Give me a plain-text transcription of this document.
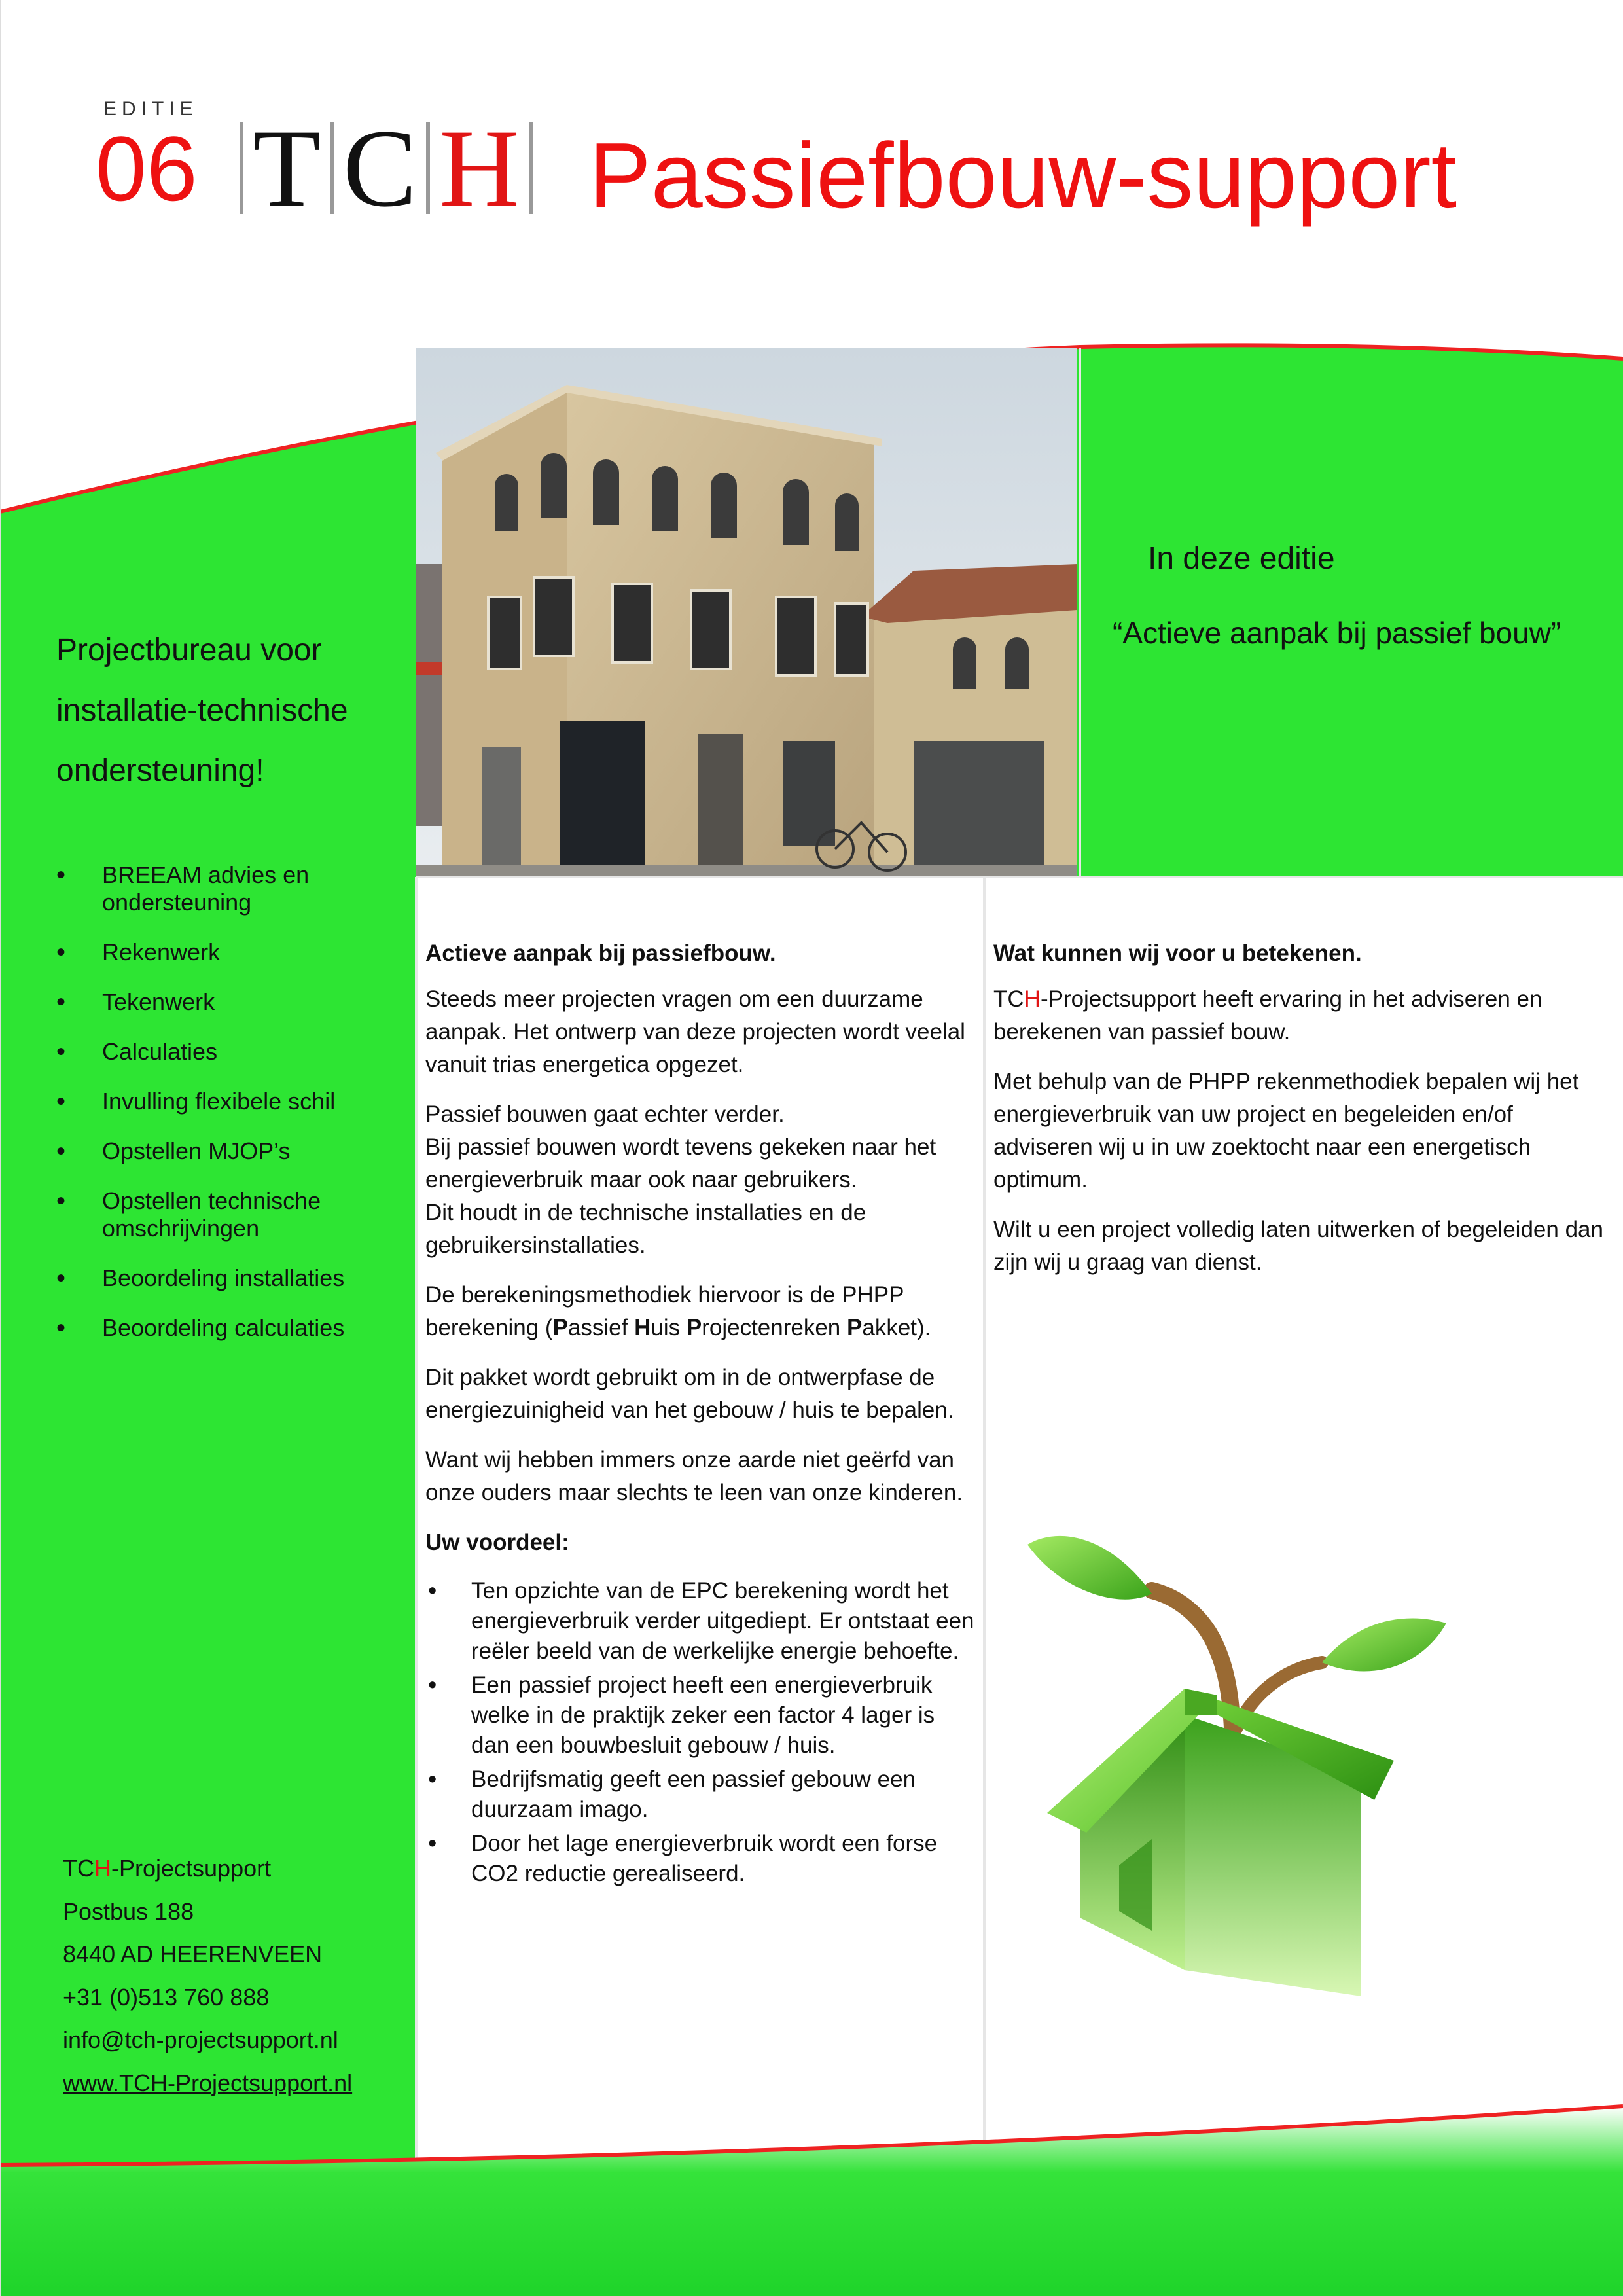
EDITIE
06 T C H Passiefbouw-support
In deze editie
“Actieve aanpak bij passief bouw”
Projectbureau voor
installatie-technische
ondersteuning!
• BREEAM advies en ondersteuning
• Rekenwerk
• Tekenwerk
• Calculaties
• Invulling flexibele schil
• Opstellen MJOP’s
• Opstellen technische omschrijvingen
• Beoordeling installaties
• Beoordeling calculaties
TCH-Projectsupport
Postbus 188
8440 AD HEERENVEEN
+31 (0)513 760 888
info@tch-projectsupport.nl
www.TCH-Projectsupport.nl
Actieve aanpak bij passiefbouw.

Steeds meer projecten vragen om een duurzame aanpak. Het ontwerp van deze projecten wordt veelal vanuit trias energetica opgezet.

Passief bouwen gaat echter verder.
Bij passief bouwen wordt tevens gekeken naar het energieverbruik maar ook naar gebruikers.
Dit houdt in de technische installaties en de gebruikersinstallaties.

De berekeningsmethodiek hiervoor is de PHPP berekening (Passief Huis Projectenreken Pakket).

Dit pakket wordt gebruikt om in de ontwerpfase de energiezuinigheid van het gebouw / huis te bepalen.

Want wij hebben immers onze aarde niet geërfd van onze ouders maar slechts te leen van onze kinderen.

Uw voordeel:
• Ten opzichte van de EPC berekening wordt het energieverbruik verder uitgediept. Er ontstaat een reëler beeld van de werkelijke energie behoefte.
• Een passief project heeft een energieverbruik welke in de praktijk zeker een factor 4 lager is dan een bouwbesluit gebouw / huis.
• Bedrijfsmatig geeft een passief gebouw een duurzaam imago.
• Door het lage energieverbruik wordt een forse CO2 reductie gerealiseerd.
Wat kunnen wij voor u betekenen.

TCH-Projectsupport heeft ervaring in het adviseren en berekenen van passief bouw.

Met behulp van de PHPP rekenmethodiek bepalen wij het energieverbruik van uw project en begeleiden en/of adviseren wij u in uw zoektocht naar een energetisch optimum.

Wilt u een project volledig laten uitwerken of begeleiden dan zijn wij u graag van dienst.
